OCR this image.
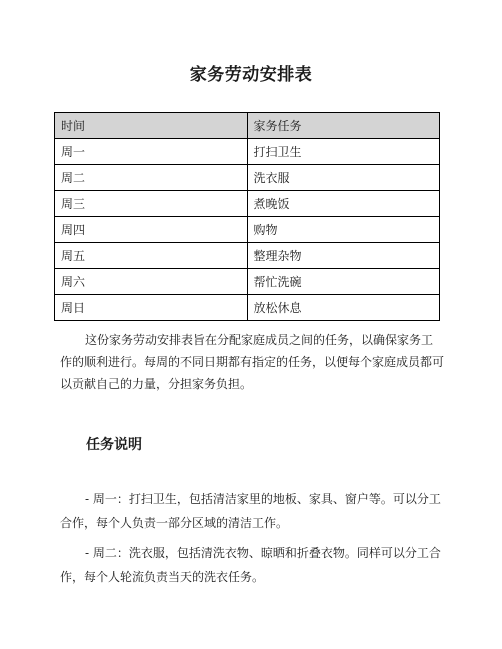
家务劳动安排表
时间	家务任务
周一	打扫卫生
周二	洗衣服
周三	煮晚饭
周四	购物
周五	整理杂物
周六	帮忙洗碗
周日	放松休息

这份家务劳动安排表旨在分配家庭成员之间的任务，以确保家务工作的顺利进行。每周的不同日期都有指定的任务，以便每个家庭成员都可以贡献自己的力量，分担家务负担。

任务说明

- 周一：打扫卫生，包括清洁家里的地板、家具、窗户等。可以分工合作，每个人负责一部分区域的清洁工作。

- 周二：洗衣服，包括清洗衣物、晾晒和折叠衣物。同样可以分工合作，每个人轮流负责当天的洗衣任务。
